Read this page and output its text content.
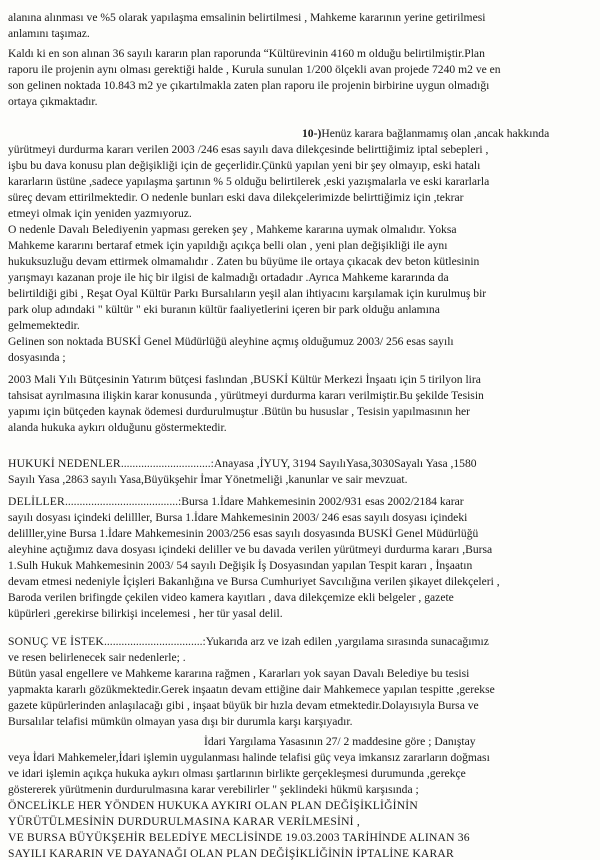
alanına alınması ve %5 olarak yapılaşma emsalinin belirtilmesi , Mahkeme kararının yerine getirilmesi
anlamını taşımaz.
Kaldı ki en son alınan 36 sayılı kararın plan raporunda “Kültürevinin 4160 m olduğu belirtilmiştir.Plan
raporu ile projenin aynı olması gerektiği halde , Kurula sunulan 1/200 ölçekli avan projede 7240 m2 ve en
son gelinen noktada 10.843 m2 ye çıkartılmakla zaten plan raporu ile projenin birbirine uygun olmadığı
ortaya çıkmaktadır.
10-)Henüz karara bağlanmamış olan ,ancak hakkında
yürütmeyi durdurma kararı verilen 2003 /246 esas sayılı dava dilekçesinde belirttiğimiz iptal sebepleri ,
işbu bu dava konusu plan değişikliği için de geçerlidir.Çünkü yapılan yeni bir şey olmayıp, eski hatalı
kararların üstüne ,sadece yapılaşma şartının % 5 olduğu belirtilerek ,eski yazışmalarla ve eski kararlarla
süreç devam ettirilmektedir. O nedenle bunları eski dava dilekçelerimizde belirttiğimiz için ,tekrar
etmeyi olmak için yeniden yazmıyoruz.
O nedenle Davalı Belediyenin yapması gereken şey , Mahkeme kararına uymak olmalıdır. Yoksa
Mahkeme kararını bertaraf etmek için yapıldığı açıkça belli olan , yeni plan değişikliği ile aynı
hukuksuzluğu devam ettirmek olmamalıdır . Zaten bu büyüme ile ortaya çıkacak dev beton kütlesinin
yarışmayı kazanan proje ile hiç bir ilgisi de kalmadığı ortadadır .Ayrıca Mahkeme kararında da
belirtildiği gibi , Reşat Oyal Kültür Parkı Bursalıların yeşil alan ihtiyacını karşılamak için kurulmuş bir
park olup adındaki " kültür " eki buranın kültür faaliyetlerini içeren bir park olduğu anlamına
gelmemektedir.
Gelinen son noktada BUSKİ Genel Müdürlüğü aleyhine açmış olduğumuz 2003/ 256 esas sayılı
dosyasında ;
2003 Mali Yılı Bütçesinin Yatırım bütçesi faslından ,BUSKİ Kültür Merkezi İnşaatı için 5 tirilyon lira
tahsisat ayrılmasına ilişkin karar konusunda , yürütmeyi durdurma kararı verilmiştir.Bu şekilde Tesisin
yapımı için bütçeden kaynak ödemesi durdurulmuştur .Bütün bu hususlar , Tesisin yapılmasının her
alanda hukuka aykırı olduğunu göstermektedir.
HUKUKİ NEDENLER...............................:Anayasa ,İYUY, 3194 SayılıYasa,3030Sayalı Yasa ,1580
Sayılı Yasa ,2863 sayılı Yasa,Büyükşehir İmar Yönetmeliği ,kanunlar ve sair mevzuat.
DELİLLER.......................................:Bursa 1.İdare Mahkemesinin 2002/931 esas 2002/2184 karar
sayılı dosyası içindeki delilller, Bursa 1.İdare Mahkemesinin 2003/ 246 esas sayılı dosyası içindeki
delilller,yine Bursa 1.İdare Mahkemesinin 2003/256 esas sayılı dosyasında BUSKİ Genel Müdürlüğü
aleyhine açtığımız dava dosyası içindeki deliller ve bu davada verilen yürütmeyi durdurma kararı ,Bursa
1.Sulh Hukuk Mahkemesinin 2003/ 54 sayılı Değişik İş Dosyasından yapılan Tespit kararı , İnşaatın
devam etmesi nedeniyle İçişleri Bakanlığına ve Bursa Cumhuriyet Savcılığına verilen şikayet dilekçeleri ,
Baroda verilen brifingde çekilen video kamera kayıtları , dava dilekçemize ekli belgeler , gazete
küpürleri ,gerekirse bilirkişi incelemesi , her tür yasal delil.
SONUÇ VE İSTEK..................................:Yukarıda arz ve izah edilen ,yargılama sırasında sunacağımız
ve resen belirlenecek sair nedenlerle; .
Bütün yasal engellere ve Mahkeme kararına rağmen , Kararları yok sayan Davalı Belediye bu tesisi
yapmakta kararlı gözükmektedir.Gerek inşaatın devam ettiğine dair Mahkemece yapılan tespitte ,gerekse
gazete küpürlerinden anlaşılacağı gibi , inşaat büyük bir hızla devam etmektedir.Dolayısıyla Bursa ve
Bursalılar telafisi mümkün olmayan yasa dışı bir durumla karşı karşıyadır.
İdari Yargılama Yasasının 27/ 2 maddesine göre ; Danıştay
veya İdari Mahkemeler,İdari işlemin uygulanması halinde telafisi güç veya imkansız zararların doğması
ve idari işlemin açıkça hukuka aykırı olması şartlarının birlikte gerçekleşmesi durumunda ,gerekçe
göstererek yürütmenin durdurulmasına karar verebilirler " şeklindeki hükmü karşısında ;
ÖNCELİKLE HER YÖNDEN HUKUKA AYKIRI OLAN PLAN DEĞİŞİKLİĞİNİN
YÜRÜTÜLMESİNİN DURDURULMASINA KARAR VERİLMESİNİ ,
VE BURSA BÜYÜKŞEHİR BELEDİYE MECLİSİNDE 19.03.2003 TARİHİNDE ALINAN 36
SAYILI KARARIN VE DAYANAĞI OLAN PLAN DEĞİŞİKLİĞİNİN İPTALİNE KARAR
